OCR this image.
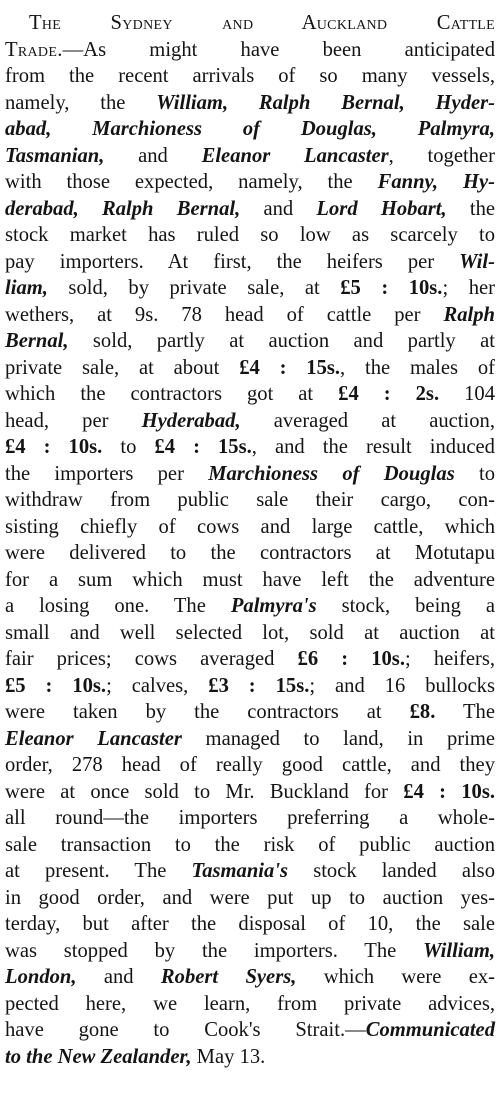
The Sydney and Auckland Cattle
Trade.—As might have been anticipated
from the recent arrivals of so many vessels,
namely, the William, Ralph Bernal, Hyder-
abad, Marchioness of Douglas, Palmyra,
Tasmanian, and Eleanor Lancaster, together
with those expected, namely, the Fanny, Hy-
derabad, Ralph Bernal, and Lord Hobart, the
stock market has ruled so low as scarcely to
pay importers. At first, the heifers per Wil-
liam, sold, by private sale, at £5 : 10s.; her
wethers, at 9s. 78 head of cattle per Ralph
Bernal, sold, partly at auction and partly at
private sale, at about £4 : 15s., the males of
which the contractors got at £4 : 2s. 104
head, per Hyderabad, averaged at auction,
£4 : 10s. to £4 : 15s., and the result induced
the importers per Marchioness of Douglas to
withdraw from public sale their cargo, con-
sisting chiefly of cows and large cattle, which
were delivered to the contractors at Motutapu
for a sum which must have left the adventure
a losing one. The Palmyra's stock, being a
small and well selected lot, sold at auction at
fair prices; cows averaged £6 : 10s.; heifers,
£5 : 10s.; calves, £3 : 15s.; and 16 bullocks
were taken by the contractors at £8. The
Eleanor Lancaster managed to land, in prime
order, 278 head of really good cattle, and they
were at once sold to Mr. Buckland for £4 : 10s.
all round—the importers preferring a whole-
sale transaction to the risk of public auction
at present. The Tasmania's stock landed also
in good order, and were put up to auction yes-
terday, but after the disposal of 10, the sale
was stopped by the importers. The William,
London, and Robert Syers, which were ex-
pected here, we learn, from private advices,
have gone to Cook's Strait.—Communicated
to the New Zealander, May 13.
